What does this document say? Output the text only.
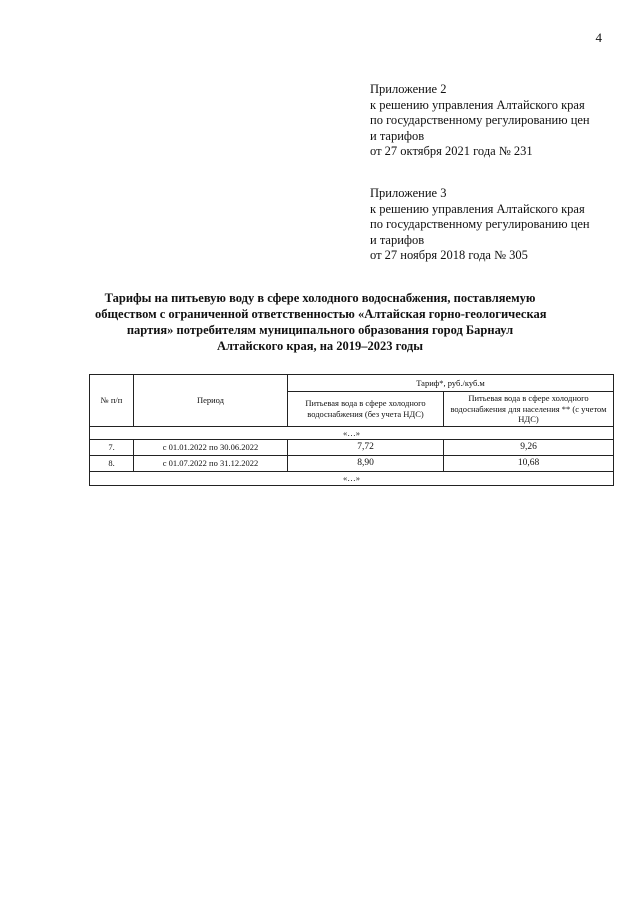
4
Приложение 2
к решению управления Алтайского края
по государственному регулированию цен
и тарифов
от 27 октября 2021 года № 231
Приложение 3
к решению управления Алтайского края
по государственному регулированию цен
и тарифов
от 27 ноября 2018 года № 305
Тарифы на питьевую воду в сфере холодного водоснабжения, поставляемую
обществом с ограниченной ответственностью «Алтайская горно-геологическая
партия» потребителям муниципального образования город Барнаул
Алтайского края, на 2019–2023 годы
№ п/п	Период	Тариф*, руб./куб.м	
		Питьевая вода в сфере холодного водоснабжения (без учета НДС)	Питьевая вода в сфере холодного водоснабжения для населения ** (с учетом НДС)
«…»			
7.	с 01.01.2022 по 30.06.2022	7,72	9,26
8.	с 01.07.2022 по 31.12.2022	8,90	10,68
«…»			
